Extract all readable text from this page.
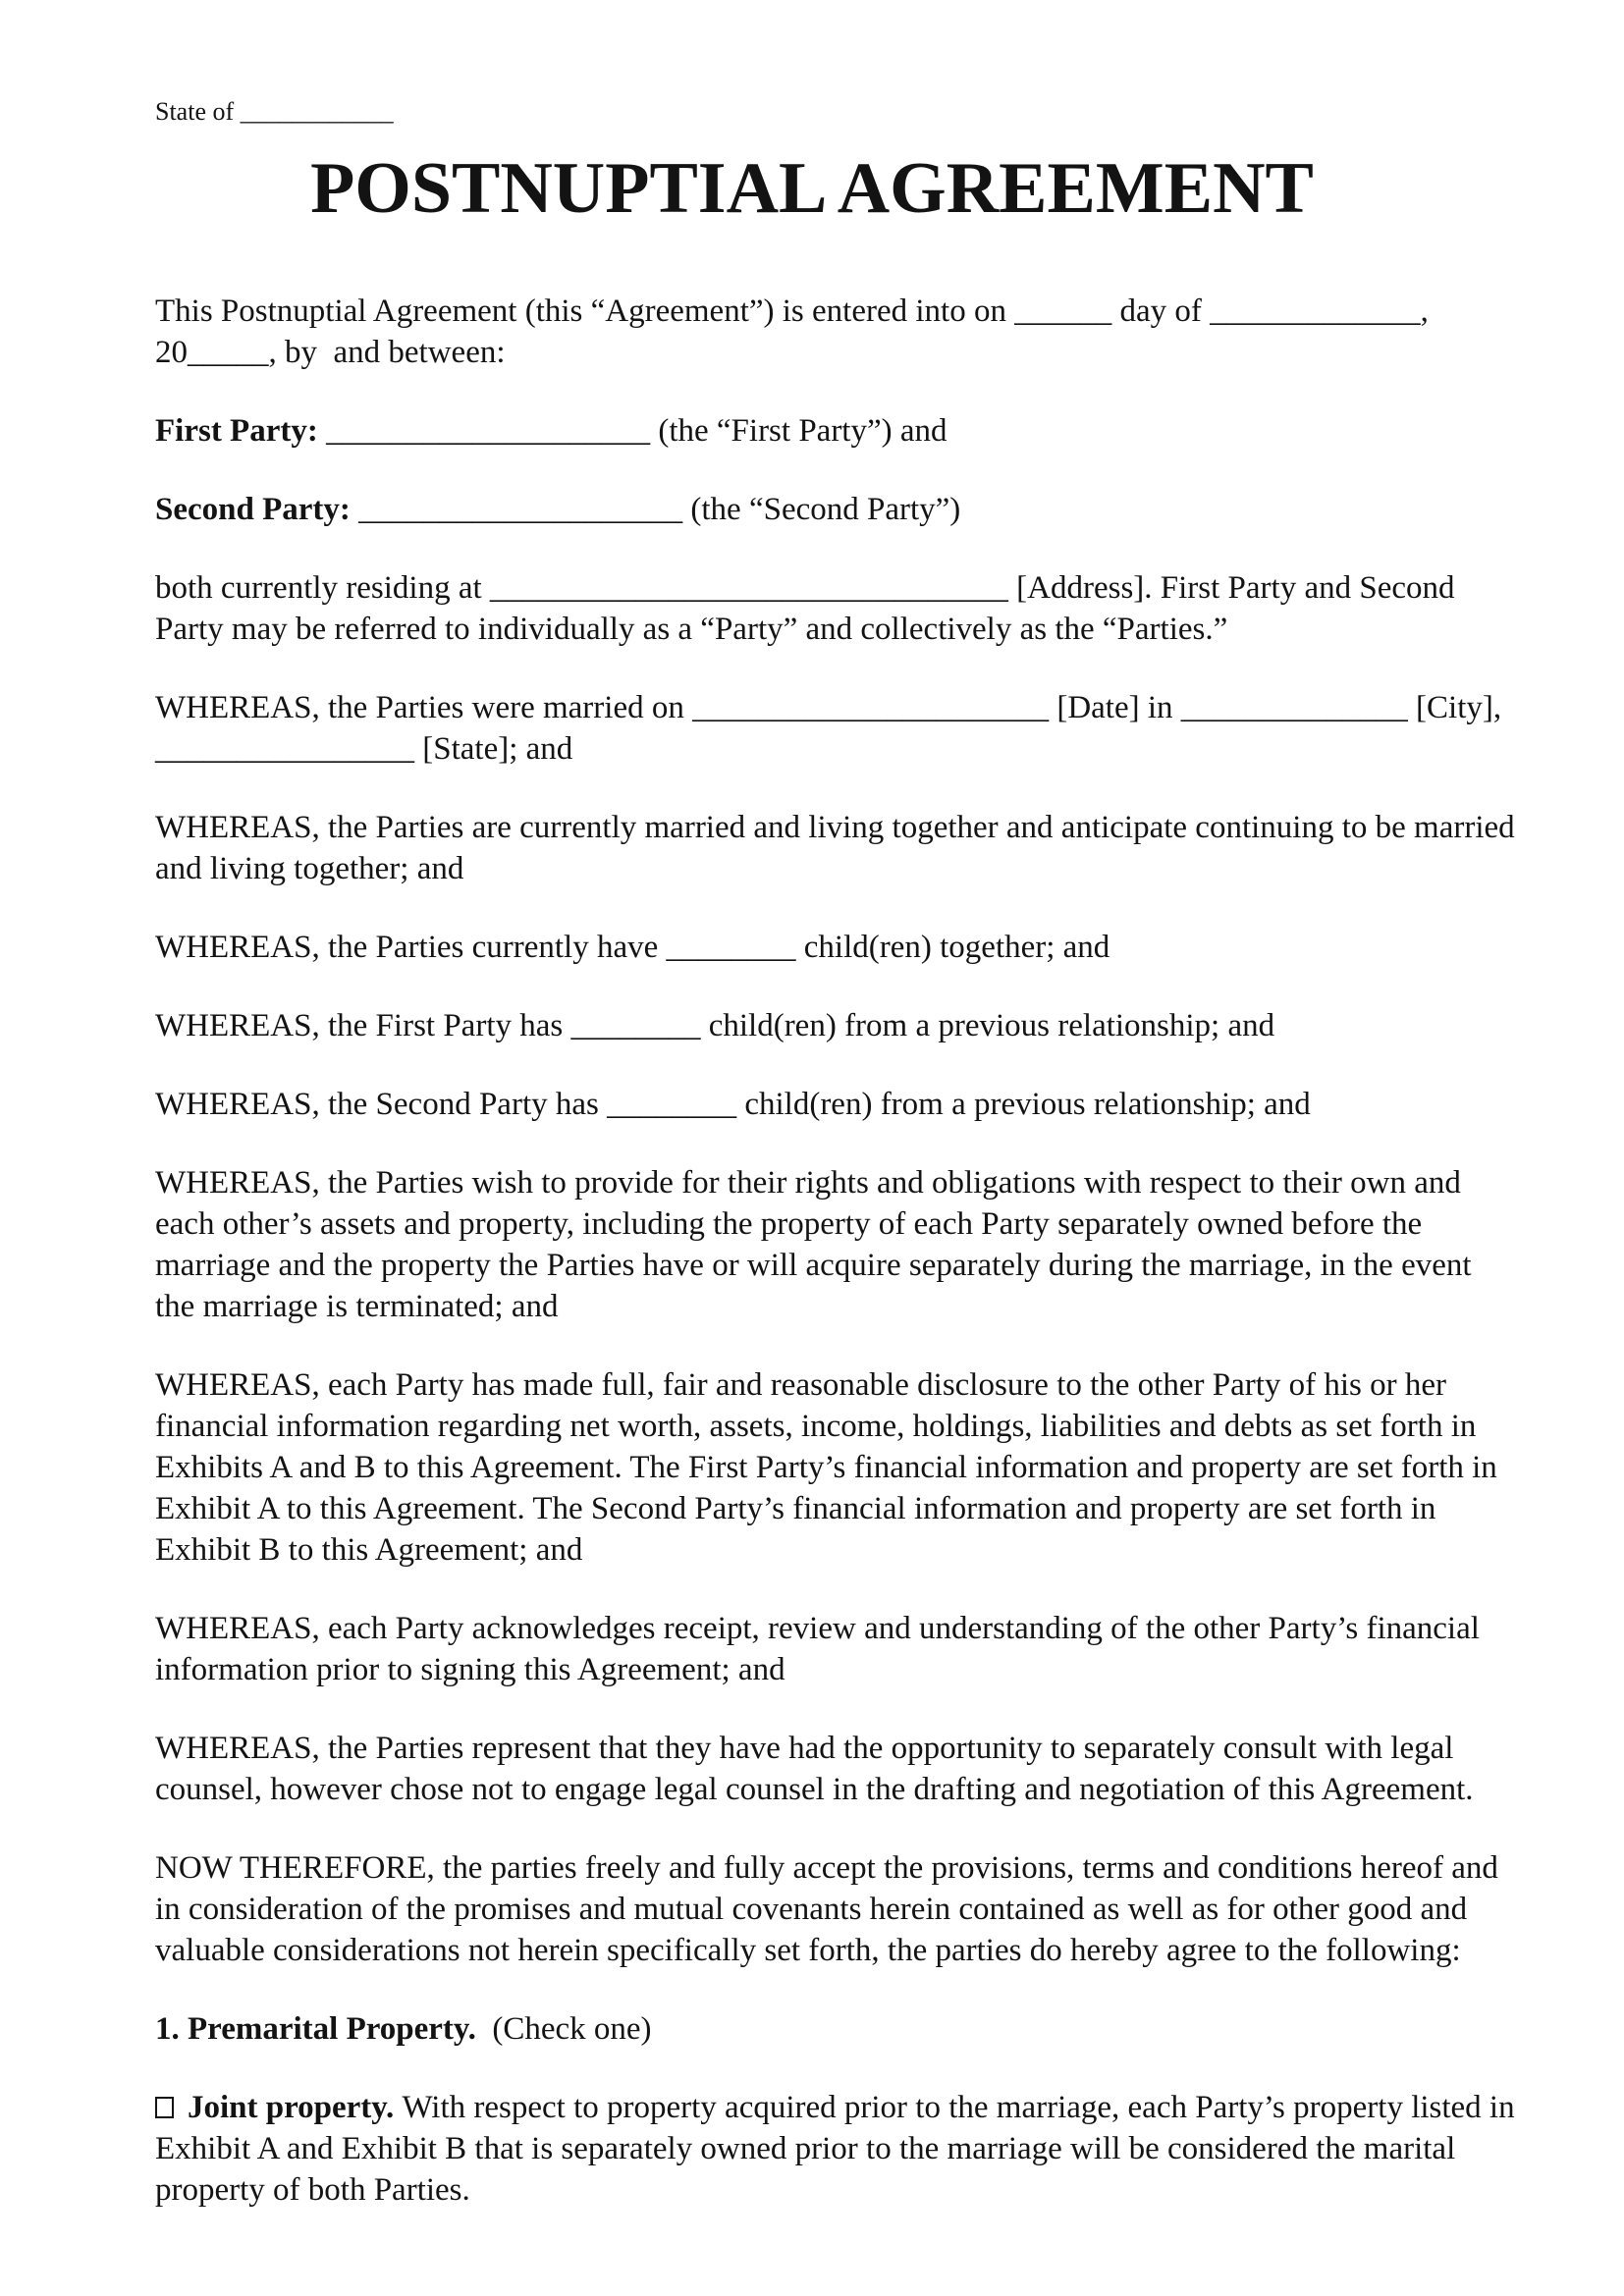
State of ____________
POSTNUPTIAL AGREEMENT

This Postnuptial Agreement (this “Agreement”) is entered into on ______ day of _____________, 20_____, by  and between:

First Party: ____________________ (the “First Party”) and

Second Party: ____________________ (the “Second Party”)

both currently residing at ________________________________ [Address]. First Party and Second Party may be referred to individually as a “Party” and collectively as the “Parties.”

WHEREAS, the Parties were married on ______________________ [Date] in ______________ [City], ________________ [State]; and

WHEREAS, the Parties are currently married and living together and anticipate continuing to be married and living together; and

WHEREAS, the Parties currently have ________ child(ren) together; and

WHEREAS, the First Party has ________ child(ren) from a previous relationship; and

WHEREAS, the Second Party has ________ child(ren) from a previous relationship; and

WHEREAS, the Parties wish to provide for their rights and obligations with respect to their own and each other’s assets and property, including the property of each Party separately owned before the marriage and the property the Parties have or will acquire separately during the marriage, in the event the marriage is terminated; and

WHEREAS, each Party has made full, fair and reasonable disclosure to the other Party of his or her financial information regarding net worth, assets, income, holdings, liabilities and debts as set forth in Exhibits A and B to this Agreement. The First Party’s financial information and property are set forth in Exhibit A to this Agreement. The Second Party’s financial information and property are set forth in Exhibit B to this Agreement; and

WHEREAS, each Party acknowledges receipt, review and understanding of the other Party’s financial information prior to signing this Agreement; and

WHEREAS, the Parties represent that they have had the opportunity to separately consult with legal counsel, however chose not to engage legal counsel in the drafting and negotiation of this Agreement.

NOW THEREFORE, the parties freely and fully accept the provisions, terms and conditions hereof and in consideration of the promises and mutual covenants herein contained as well as for other good and valuable considerations not herein specifically set forth, the parties do hereby agree to the following:

1. Premarital Property.  (Check one)

Joint property. With respect to property acquired prior to the marriage, each Party’s property listed in Exhibit A and Exhibit B that is separately owned prior to the marriage will be considered the marital property of both Parties.
